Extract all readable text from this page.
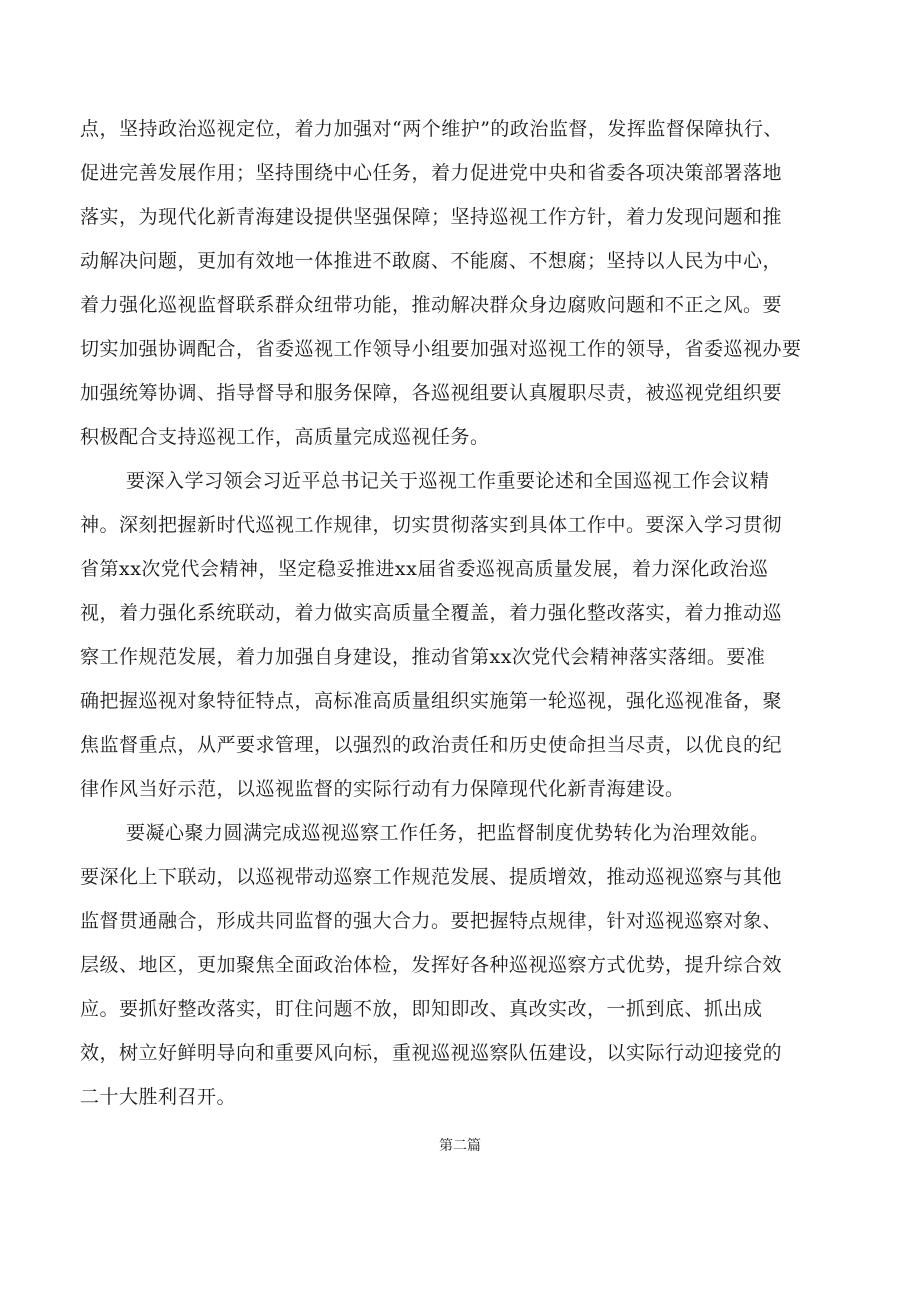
点，坚持政治巡视定位，着力加强对“两个维护”的政治监督，发挥监督保障执行、
促进完善发展作用；坚持围绕中心任务，着力促进党中央和省委各项决策部署落地
落实，为现代化新青海建设提供坚强保障；坚持巡视工作方针，着力发现问题和推
动解决问题，更加有效地一体推进不敢腐、不能腐、不想腐；坚持以人民为中心，
着力强化巡视监督联系群众纽带功能，推动解决群众身边腐败问题和不正之风。要
切实加强协调配合，省委巡视工作领导小组要加强对巡视工作的领导，省委巡视办要
加强统筹协调、指导督导和服务保障，各巡视组要认真履职尽责，被巡视党组织要
积极配合支持巡视工作，高质量完成巡视任务。
要深入学习领会习近平总书记关于巡视工作重要论述和全国巡视工作会议精
神。深刻把握新时代巡视工作规律，切实贯彻落实到具体工作中。要深入学习贯彻
省第xx次党代会精神，坚定稳妥推进xx届省委巡视高质量发展，着力深化政治巡
视，着力强化系统联动，着力做实高质量全覆盖，着力强化整改落实，着力推动巡
察工作规范发展，着力加强自身建设，推动省第xx次党代会精神落实落细。要准
确把握巡视对象特征特点，高标准高质量组织实施第一轮巡视，强化巡视准备，聚
焦监督重点，从严要求管理，以强烈的政治责任和历史使命担当尽责，以优良的纪
律作风当好示范，以巡视监督的实际行动有力保障现代化新青海建设。
要凝心聚力圆满完成巡视巡察工作任务，把监督制度优势转化为治理效能。
要深化上下联动，以巡视带动巡察工作规范发展、提质增效，推动巡视巡察与其他
监督贯通融合，形成共同监督的强大合力。要把握特点规律，针对巡视巡察对象、
层级、地区，更加聚焦全面政治体检，发挥好各种巡视巡察方式优势，提升综合效
应。要抓好整改落实，盯住问题不放，即知即改、真改实改，一抓到底、抓出成
效，树立好鲜明导向和重要风向标，重视巡视巡察队伍建设，以实际行动迎接党的
二十大胜利召开。
第二篇
